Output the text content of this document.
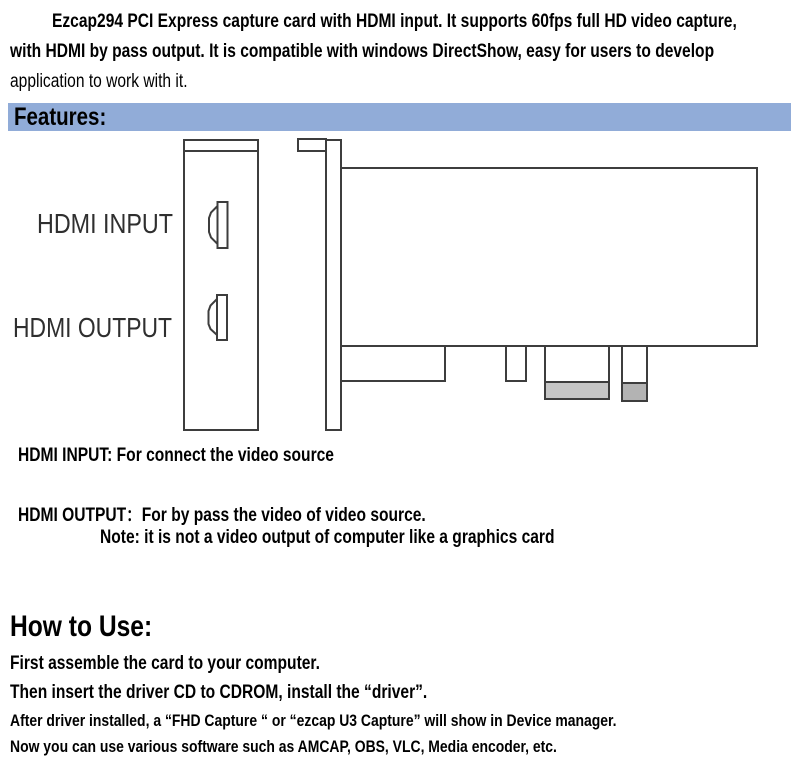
Ezcap294 PCI Express capture card with HDMI input. It supports 60fps full HD video capture,
with HDMI by pass output. It is compatible with windows DirectShow, easy for users to develop
application to work with it.
Features:
HDMI INPUT
HDMI OUTPUT
HDMI INPUT: For connect the video source
HDMI OUTPUT：For by pass the video of video source.
Note: it is not a video output of computer like a graphics card
How to Use:
First assemble the card to your computer.
Then insert the driver CD to CDROM, install the “driver”.
After driver installed, a “FHD Capture “ or “ezcap U3 Capture” will show in Device manager.
Now you can use various software such as AMCAP, OBS, VLC, Media encoder, etc.
